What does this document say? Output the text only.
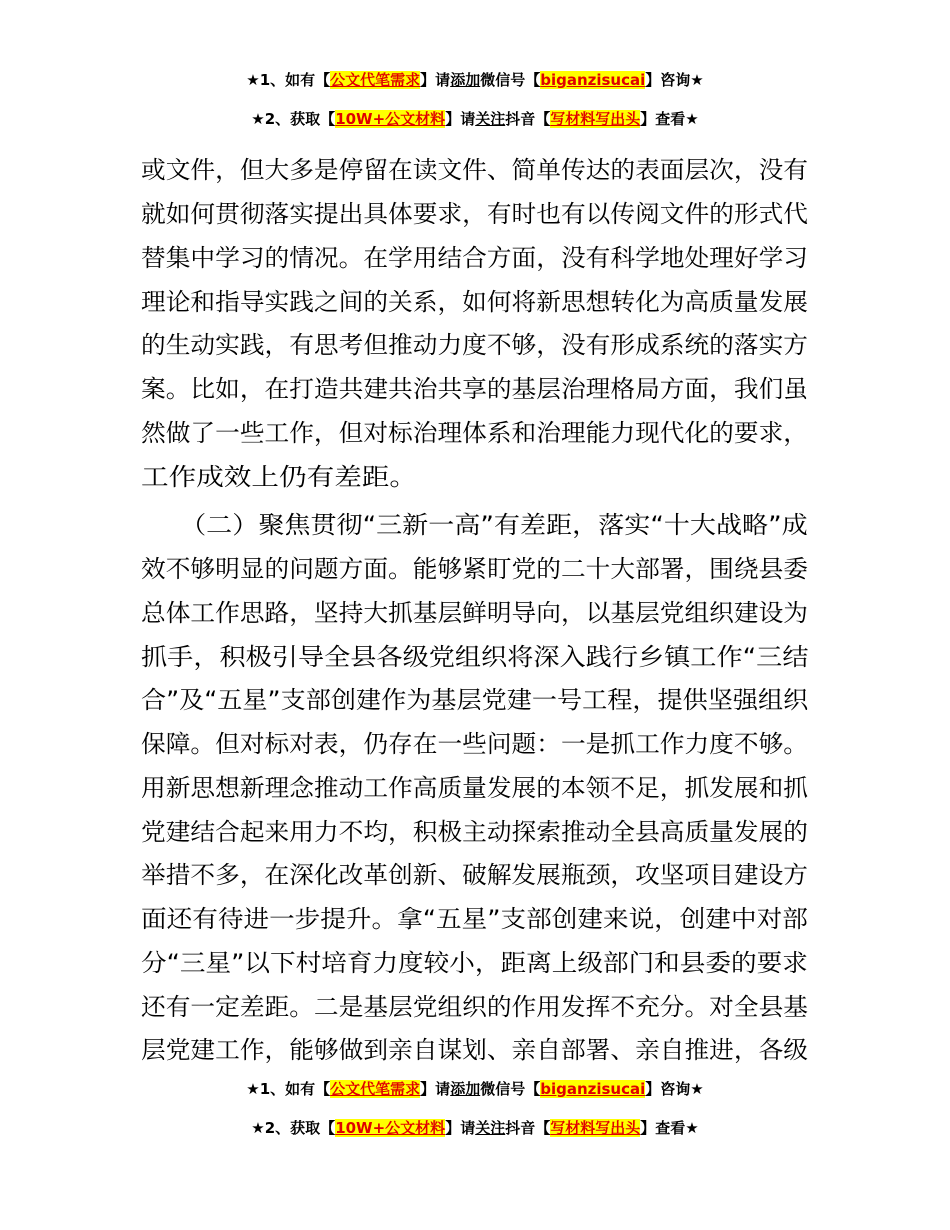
★1、如有【公文代笔需求】请添加微信号【biganzisucai】咨询★
★2、获取【10W+公文材料】请关注抖音【写材料写出头】查看★
或文件，但大多是停留在读文件、简单传达的表面层次，没有
就如何贯彻落实提出具体要求，有时也有以传阅文件的形式代
替集中学习的情况。在学用结合方面，没有科学地处理好学习
理论和指导实践之间的关系，如何将新思想转化为高质量发展
的生动实践，有思考但推动力度不够，没有形成系统的落实方
案。比如，在打造共建共治共享的基层治理格局方面，我们虽
然做了一些工作，但对标治理体系和治理能力现代化的要求，
工作成效上仍有差距。
　　（二）聚焦贯彻“三新一高”有差距，落实“十大战略”成
效不够明显的问题方面。能够紧盯党的二十大部署，围绕县委
总体工作思路，坚持大抓基层鲜明导向，以基层党组织建设为
抓手，积极引导全县各级党组织将深入践行乡镇工作“三结
合”及“五星”支部创建作为基层党建一号工程，提供坚强组织
保障。但对标对表，仍存在一些问题：一是抓工作力度不够。
用新思想新理念推动工作高质量发展的本领不足，抓发展和抓
党建结合起来用力不均，积极主动探索推动全县高质量发展的
举措不多，在深化改革创新、破解发展瓶颈，攻坚项目建设方
面还有待进一步提升。拿“五星”支部创建来说，创建中对部
分“三星”以下村培育力度较小，距离上级部门和县委的要求
还有一定差距。二是基层党组织的作用发挥不充分。对全县基
层党建工作，能够做到亲自谋划、亲自部署、亲自推进，各级
★1、如有【公文代笔需求】请添加微信号【biganzisucai】咨询★
★2、获取【10W+公文材料】请关注抖音【写材料写出头】查看★
